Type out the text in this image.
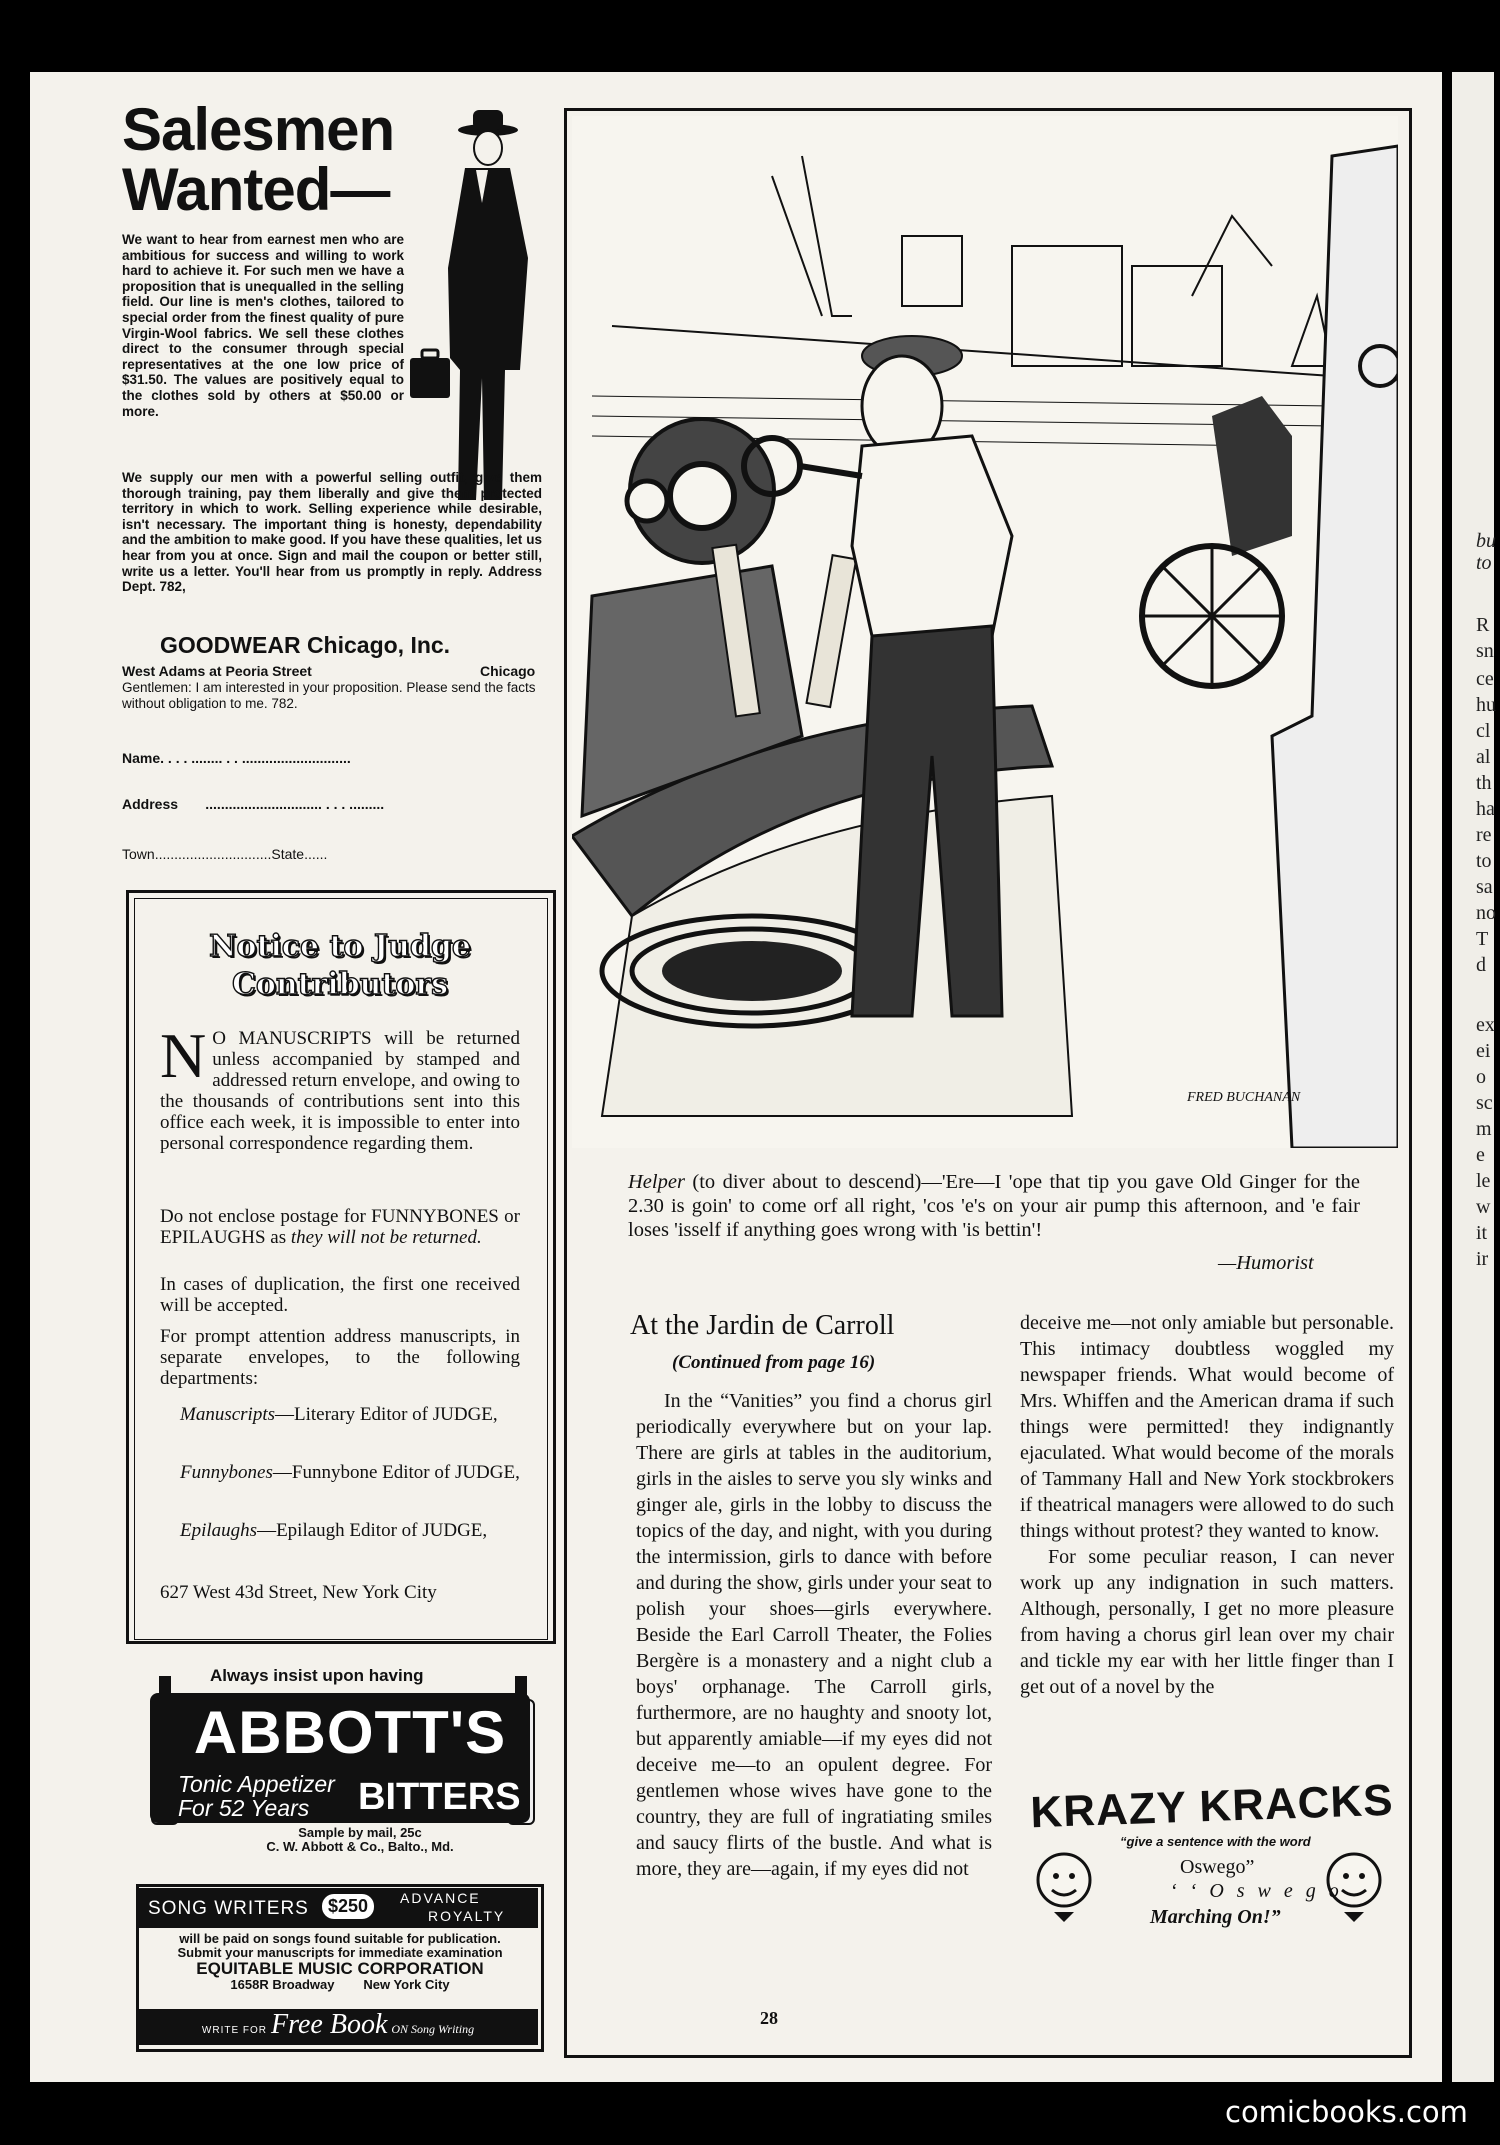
bu
to
R
sn
ce
hu
cl
al
th
ha
re
to
sa
no
T
d
ex
ei
o
sc
m
e
le
w
it
ir
Salesmen
Wanted—
We want to hear from earnest men who are ambitious for success and willing to work hard to achieve it. For such men we have a proposition that is unequalled in the selling field. Our line is men's clothes, tailored to special order from the finest quality of pure Virgin-Wool fabrics. We sell these clothes direct to the consumer through special representatives at the one low price of $31.50. The values are positively equal to the clothes sold by others at $50.00 or more.
We supply our men with a powerful selling outfit, give them thorough training, pay them liberally and give them protected territory in which to work. Selling experience while desirable, isn't necessary. The important thing is honesty, dependability and the ambition to make good. If you have these qualities, let us hear from you at once. Sign and mail the coupon or better still, write us a letter. You'll hear from us promptly in reply. Address Dept. 782,
GOODWEAR Chicago, Inc.
West Adams at Peoria Street	Chicago
Gentlemen: I am interested in your proposition. Please send the facts without obligation to me. 782.
Name. . . . ........ . . ............................
Address       .............................. . . . .........
Town..............................State......
Notice to Judge
Contributors
N O MANUSCRIPTS will be returned unless accompanied by stamped and addressed return envelope, and owing to the thousands of contributions sent into this office each week, it is impossible to enter into personal correspondence regarding them.
Do not enclose postage for FUNNYBONES or EPILAUGHS as they will not be returned.
In cases of duplication, the first one received will be accepted.
For prompt attention address manuscripts, in separate envelopes, to the following departments:
Manuscripts—Literary Editor of JUDGE,
Funnybones—Funnybone Editor of JUDGE,
Epilaughs—Epilaugh Editor of JUDGE,
627 West 43d Street, New York City
Always insist upon having
ABBOTT'S
Tonic Appetizer
For 52 Years	BITTERS
Sample by mail, 25c
C. W. Abbott & Co., Balto., Md.
SONG WRITERS	$250	ADVANCE
ROYALTY
will be paid on songs found suitable for publication.
Submit your manuscripts for immediate examination
EQUITABLE MUSIC CORPORATION
1658R Broadway        New York City
WRITE FOR Free Book ON Song Writing
FRED BUCHANAN
Helper (to diver about to descend)—'Ere—I 'ope that tip you gave Old Ginger for the 2.30 is goin' to come orf all right, 'cos 'e's on your air pump this afternoon, and 'e fair loses 'isself if anything goes wrong with 'is bettin'!
—Humorist
At the Jardin de Carroll
(Continued from page 16)

In the “Vanities” you find a chorus girl periodically everywhere but on your lap. There are girls at tables in the auditorium, girls in the aisles to serve you sly winks and ginger ale, girls in the lobby to discuss the topics of the day, and night, with you during the intermission, girls to dance with before and during the show, girls under your seat to polish your shoes—girls everywhere. Beside the Earl Carroll Theater, the Folies Bergère is a monastery and a night club a boys' orphanage. The Carroll girls, furthermore, are no haughty and snooty lot, but apparently amiable—if my eyes did not deceive me—to an opulent degree. For gentlemen whose wives have gone to the country, they are full of ingratiating smiles and saucy flirts of the bustle. And what is more, they are—again, if my eyes did not

deceive me—not only amiable but personable. This intimacy doubtless woggled my newspaper friends. What would become of Mrs. Whiffen and the American drama if such things were permitted! they indignantly ejaculated. What would become of the morals of Tammany Hall and New York stockbrokers if theatrical managers were allowed to do such things without protest? they wanted to know.

For some peculiar reason, I can never work up any indignation in such matters. Although, personally, I get no more pleasure from having a chorus girl lean over my chair and tickle my ear with her little finger than I get out of a novel by the

KRAZY KRACKS
“give a sentence with the word
Oswego”
‘ ‘ O s w e g o
Marching On!”
28
comicbooks.com
